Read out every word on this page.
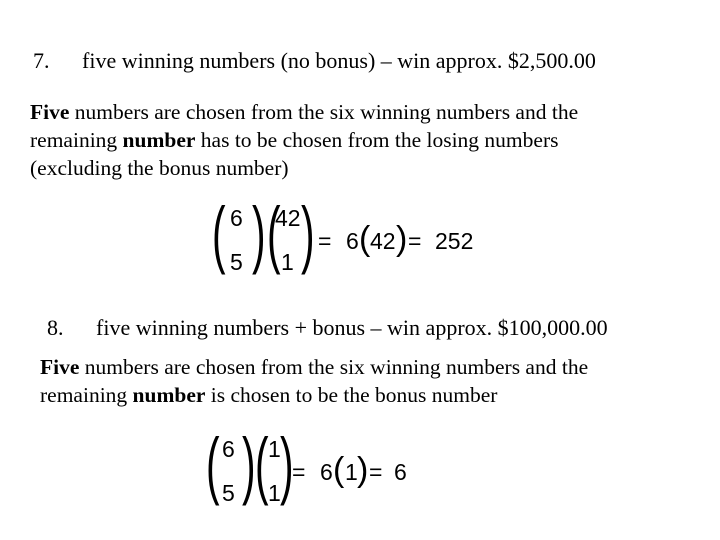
7. five winning numbers (no bonus) – win approx. $2,500.00

Five numbers are chosen from the six winning numbers and the
remaining number has to be chosen from the losing numbers
(excluding the bonus number)

( 6
5 ) (
42
1 ) = 6 ( 42 ) = 252
8. five winning numbers + bonus – win approx. $100,000.00

Five numbers are chosen from the six winning numbers and the
remaining number is chosen to be the bonus number

( 6
5 ) ( 1
1 )
= 6 ( 1 ) = 6
